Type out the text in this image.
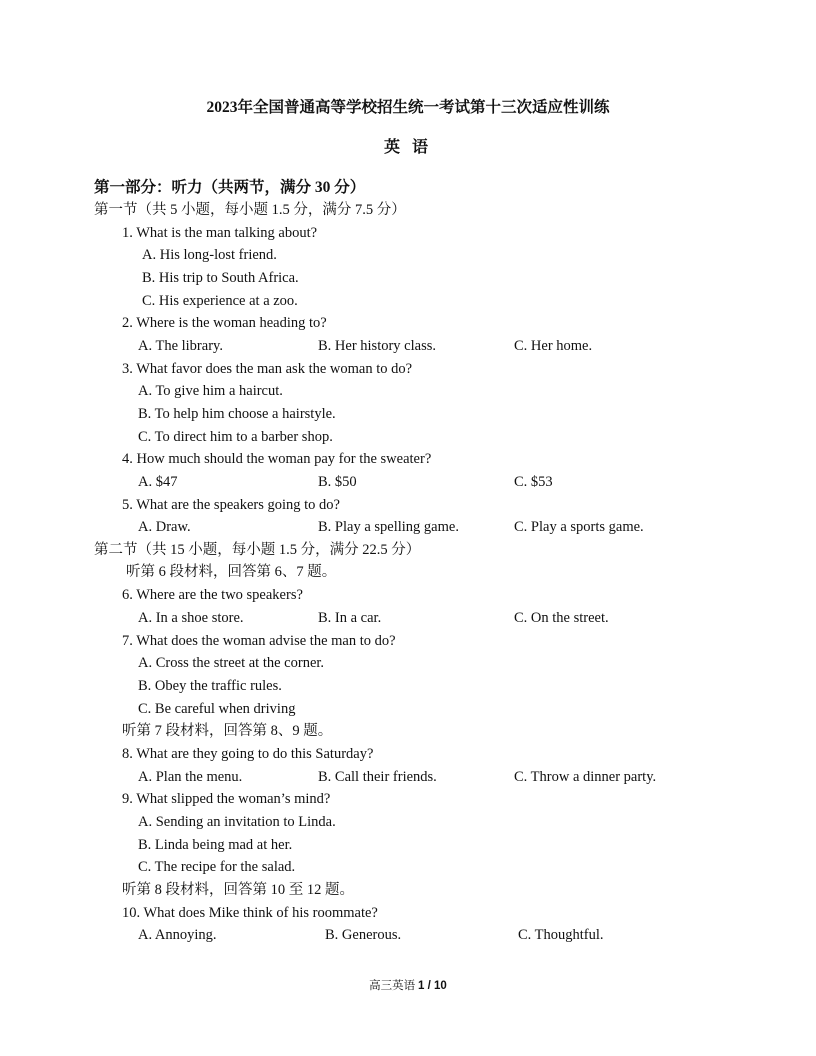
2023年全国普通高等学校招生统一考试第十三次适应性训练
英 语
第一部分：听力（共两节，满分 30 分）
第一节（共 5 小题，每小题 1.5 分，满分 7.5 分）
1. What is the man talking about?
A. His long-lost friend.
B. His trip to South Africa.
C. His experience at a zoo.
2. Where is the woman heading to?
A. The library.	B. Her history class.	C. Her home.
3. What favor does the man ask the woman to do?
A. To give him a haircut.
B. To help him choose a hairstyle.
C. To direct him to a barber shop.
4. How much should the woman pay for the sweater?
A. $47	B. $50	C. $53
5. What are the speakers going to do?
A. Draw.	B. Play a spelling game.	C. Play a sports game.
第二节（共 15 小题，每小题 1.5 分，满分 22.5 分）
听第 6 段材料，回答第 6、7 题。
6. Where are the two speakers?
A. In a shoe store.	B. In a car.	C. On the street.
7. What does the woman advise the man to do?
A. Cross the street at the corner.
B. Obey the traffic rules.
C. Be careful when driving
听第 7 段材料，回答第 8、9 题。
8. What are they going to do this Saturday?
A. Plan the menu.	B. Call their friends.	C. Throw a dinner party.
9. What slipped the woman’s mind?
A. Sending an invitation to Linda.
B. Linda being mad at her.
C. The recipe for the salad.
听第 8 段材料，回答第 10 至 12 题。
10. What does Mike think of his roommate?
A. Annoying.	B. Generous.	C. Thoughtful.
高三英语 1 / 10
